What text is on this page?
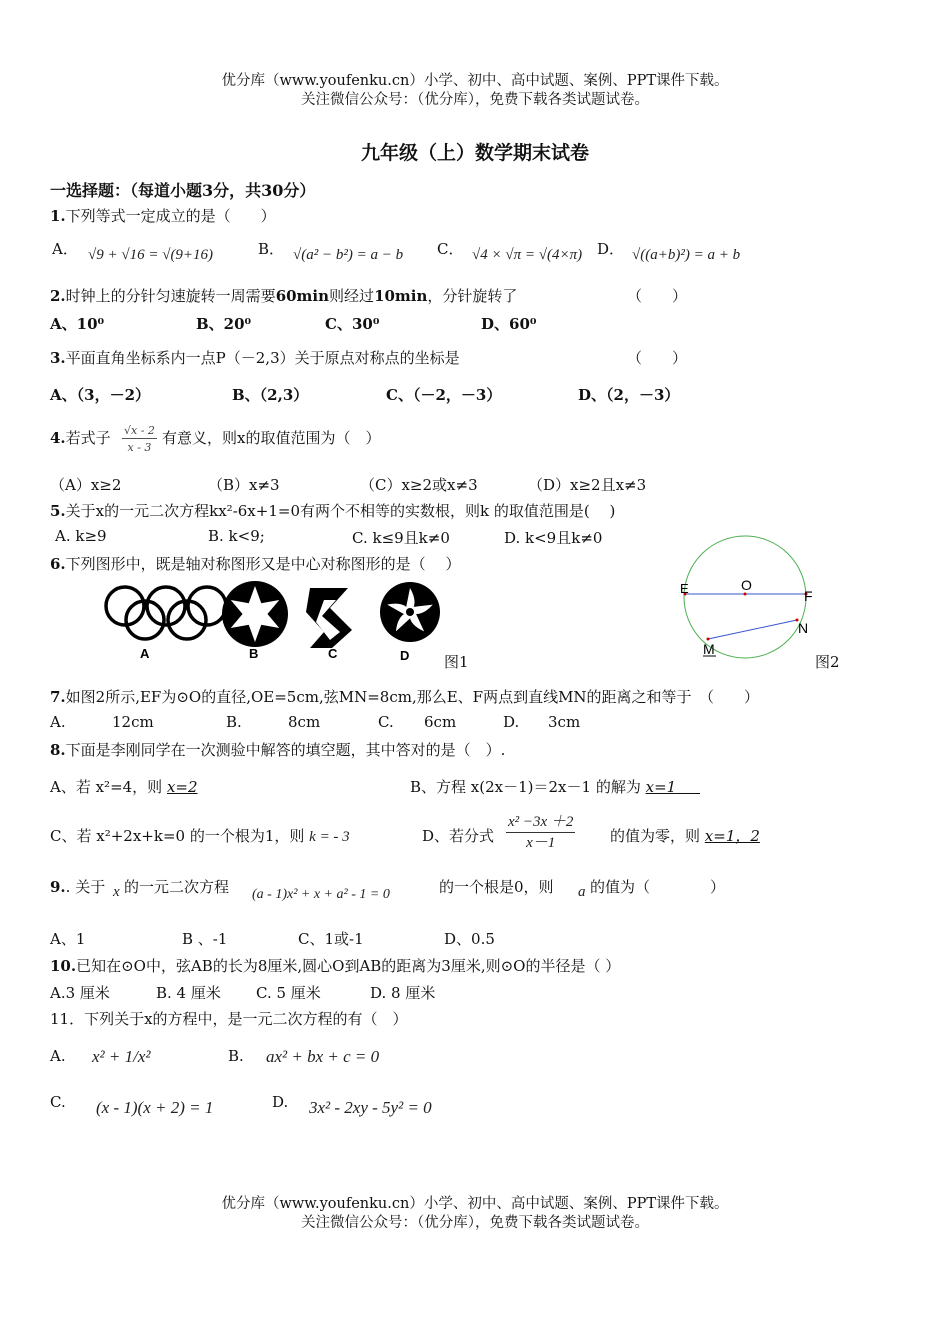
优分库（www.youfenku.cn）小学、初中、高中试题、案例、PPT课件下载。
关注微信公众号：（优分库），免费下载各类试题试卷。
九年级（上）数学期末试卷
一选择题：（每道小题3分，共30分）
1.下列等式一定成立的是（　　）
A． √9 + √16 = √(9+16)	B． √(a² − b²) = a − b C． √4 × √π = √(4×π) D． √((a+b)²) = a + b
2.时钟上的分针匀速旋转一周需要60min则经过10min，分针旋转了	（　　）
A、10⁰	B、20⁰	C、30⁰	D、60⁰
3.平面直角坐标系内一点P（－2,3）关于原点对称点的坐标是	（　　）
A、（3，－2）	B、（2,3）	C、（－2，－3）	D、（2，－3）
4.若式子 $\frac{√x - 2}{x - 3}$ 有意义，则x的取值范围为（　）
（A）x≥2	（B）x≠3	（C）x≥2或x≠3	（D）x≥2且x≠3
5.关于x的一元二次方程kx²-6x+1=0有两个不相等的实数根，则k 的取值范围是(　 )
A. k≥9	B. k<9;	C. k≤9且k≠0	D. k<9且k≠0
6.下列图形中，既是轴对称图形又是中心对称图形的是（　 ）
A	B	C	D 图1
E	O
F
M
N
图2
7.如图2所示,EF为⊙O的直径,OE=5cm,弦MN=8cm,那么E、F两点到直线MN的距离之和等于　（　　）
A.	12cm	B.	8cm	C. 6cm	D. 3cm
8.下面是李刚同学在一次测验中解答的填空题，其中答对的是（　）.
A、若 x²=4，则 x=2	B、方程 x(2x－1)＝2x－1 的解为 x=1
C、若 x²+2x+k=0 的一个根为1，则 k = - 3	D、若分式 $\frac{\text{x² −3x ＋2}}{x-1}$ 的值为零，则 x=1，2
9.. 关于 x 的一元二次方程 (a - 1)x² + x + a² - 1 = 0	的一个根是0，则 a 的值为（　　　　）
A、1	B 、-1	C、1或-1	D、0.5
10.已知在⊙O中，弦AB的长为8厘米,圆心O到AB的距离为3厘米,则⊙O的半径是（ ）
A.3 厘米	B. 4 厘米 C. 5 厘米	D. 8 厘米
11．下列关于x的方程中，是一元二次方程的有（　）
A. x² + 1/x²	B. ax² + bx + c = 0
C. (x - 1)(x + 2) = 1	D. 3x² - 2xy - 5y² = 0
优分库（www.youfenku.cn）小学、初中、高中试题、案例、PPT课件下载。
关注微信公众号：（优分库），免费下载各类试题试卷。
